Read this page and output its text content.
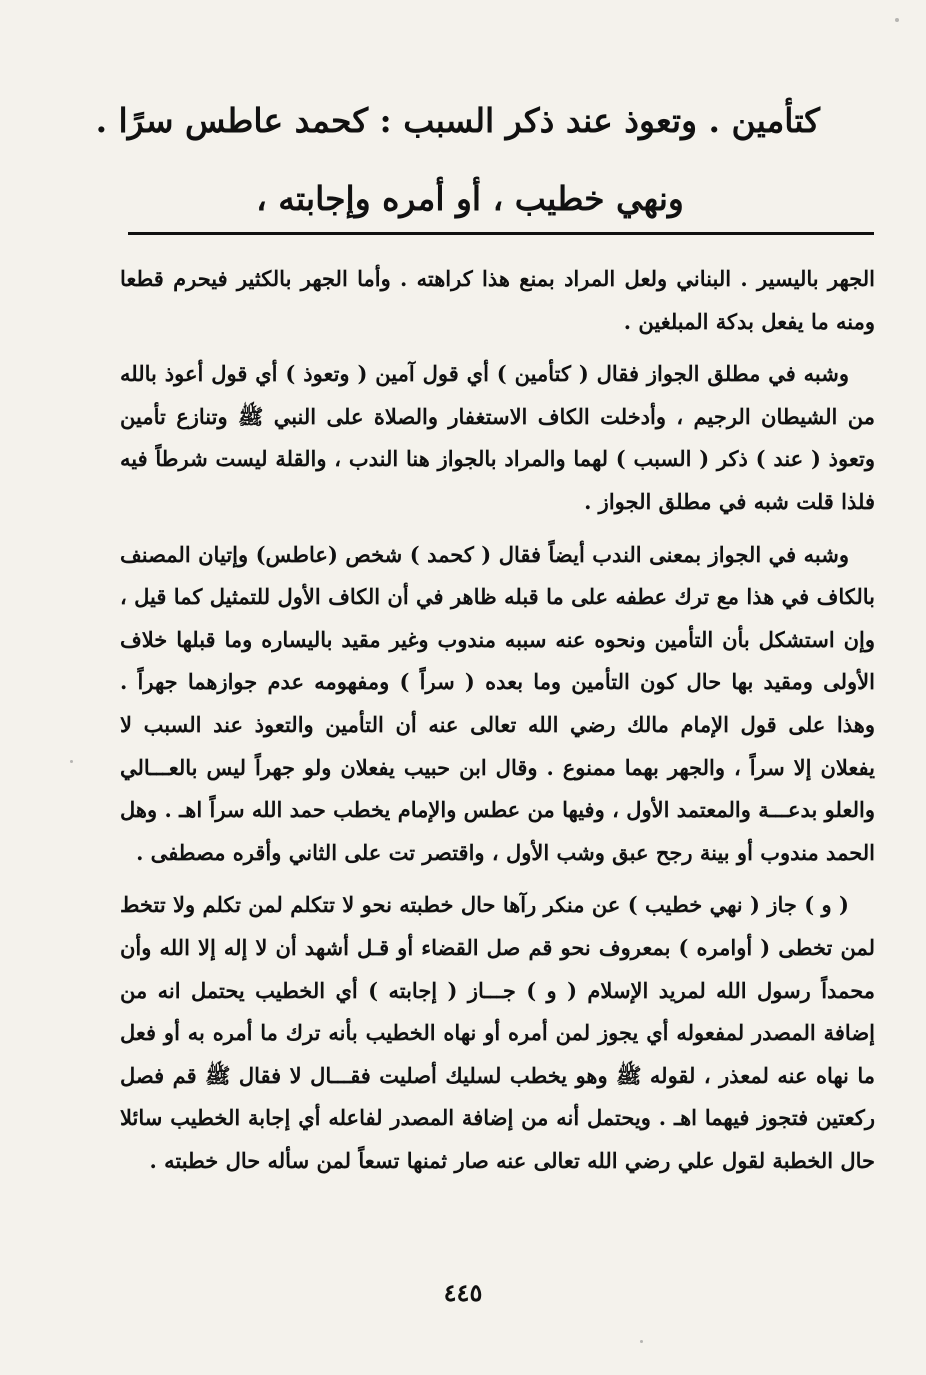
كتأمين . وتعوذ عند ذكر السبب : كحمد عاطس سرًا .
ونهي خطيب ، أو أمره وإجابته ،

الجهر باليسير . البناني ولعل المراد بمنع هذا كراهته . وأما الجهر بالكثير فيحرم قطعا ومنه ما يفعل بدكة المبلغين .

وشبه في مطلق الجواز فقال ( كتأمين ) أي قول آمين ( وتعوذ ) أي قول أعوذ بالله من الشيطان الرجيم ، وأدخلت الكاف الاستغفار والصلاة على النبي ﷺ وتنازع تأمين وتعوذ ( عند ) ذكر ( السبب ) لهما والمراد بالجواز هنا الندب ، والقلة ليست شرطاً فيه فلذا قلت شبه في مطلق الجواز .

وشبه في الجواز بمعنى الندب أيضاً فقال ( كحمد ) شخص (عاطس) وإتيان المصنف بالكاف في هذا مع ترك عطفه على ما قبله ظاهر في أن الكاف الأول للتمثيل كما قيل ، وإن استشكل بأن التأمين ونحوه عنه سببه مندوب وغير مقيد باليساره وما قبلها خلاف الأولى ومقيد بها حال كون التأمين وما بعده ( سراً ) ومفهومه عدم جوازهما جهراً . وهذا على قول الإمام مالك رضي الله تعالى عنه أن التأمين والتعوذ عند السبب لا يفعلان إلا سراً ، والجهر بهما ممنوع . وقال ابن حبيب يفعلان ولو جهراً ليس بالعـــالي والعلو بدعـــة والمعتمد الأول ، وفيها من عطس والإمام يخطب حمد الله سراً اهـ . وهل الحمد مندوب أو بينة رجح عبق وشب الأول ، واقتصر تت على الثاني وأقره مصطفى .

( و ) جاز ( نهي خطيب ) عن منكر رآها حال خطبته نحو لا تتكلم لمن تكلم ولا تتخط لمن تخطى ( أوامره ) بمعروف نحو قم صل القضاء أو قـل أشهد أن لا إله إلا الله وأن محمداً رسول الله لمريد الإسلام ( و ) جـــاز ( إجابته ) أي الخطيب يحتمل انه من إضافة المصدر لمفعوله أي يجوز لمن أمره أو نهاه الخطيب بأنه ترك ما أمره به أو فعل ما نهاه عنه لمعذر ، لقوله ﷺ وهو يخطب لسليك أصليت فقـــال لا فقال ﷺ قم فصل ركعتين فتجوز فيهما اهـ . ويحتمل أنه من إضافة المصدر لفاعله أي إجابة الخطيب سائلا حال الخطبة لقول علي رضي الله تعالى عنه صار ثمنها تسعاً لمن سأله حال خطبته .

٤٤٥
